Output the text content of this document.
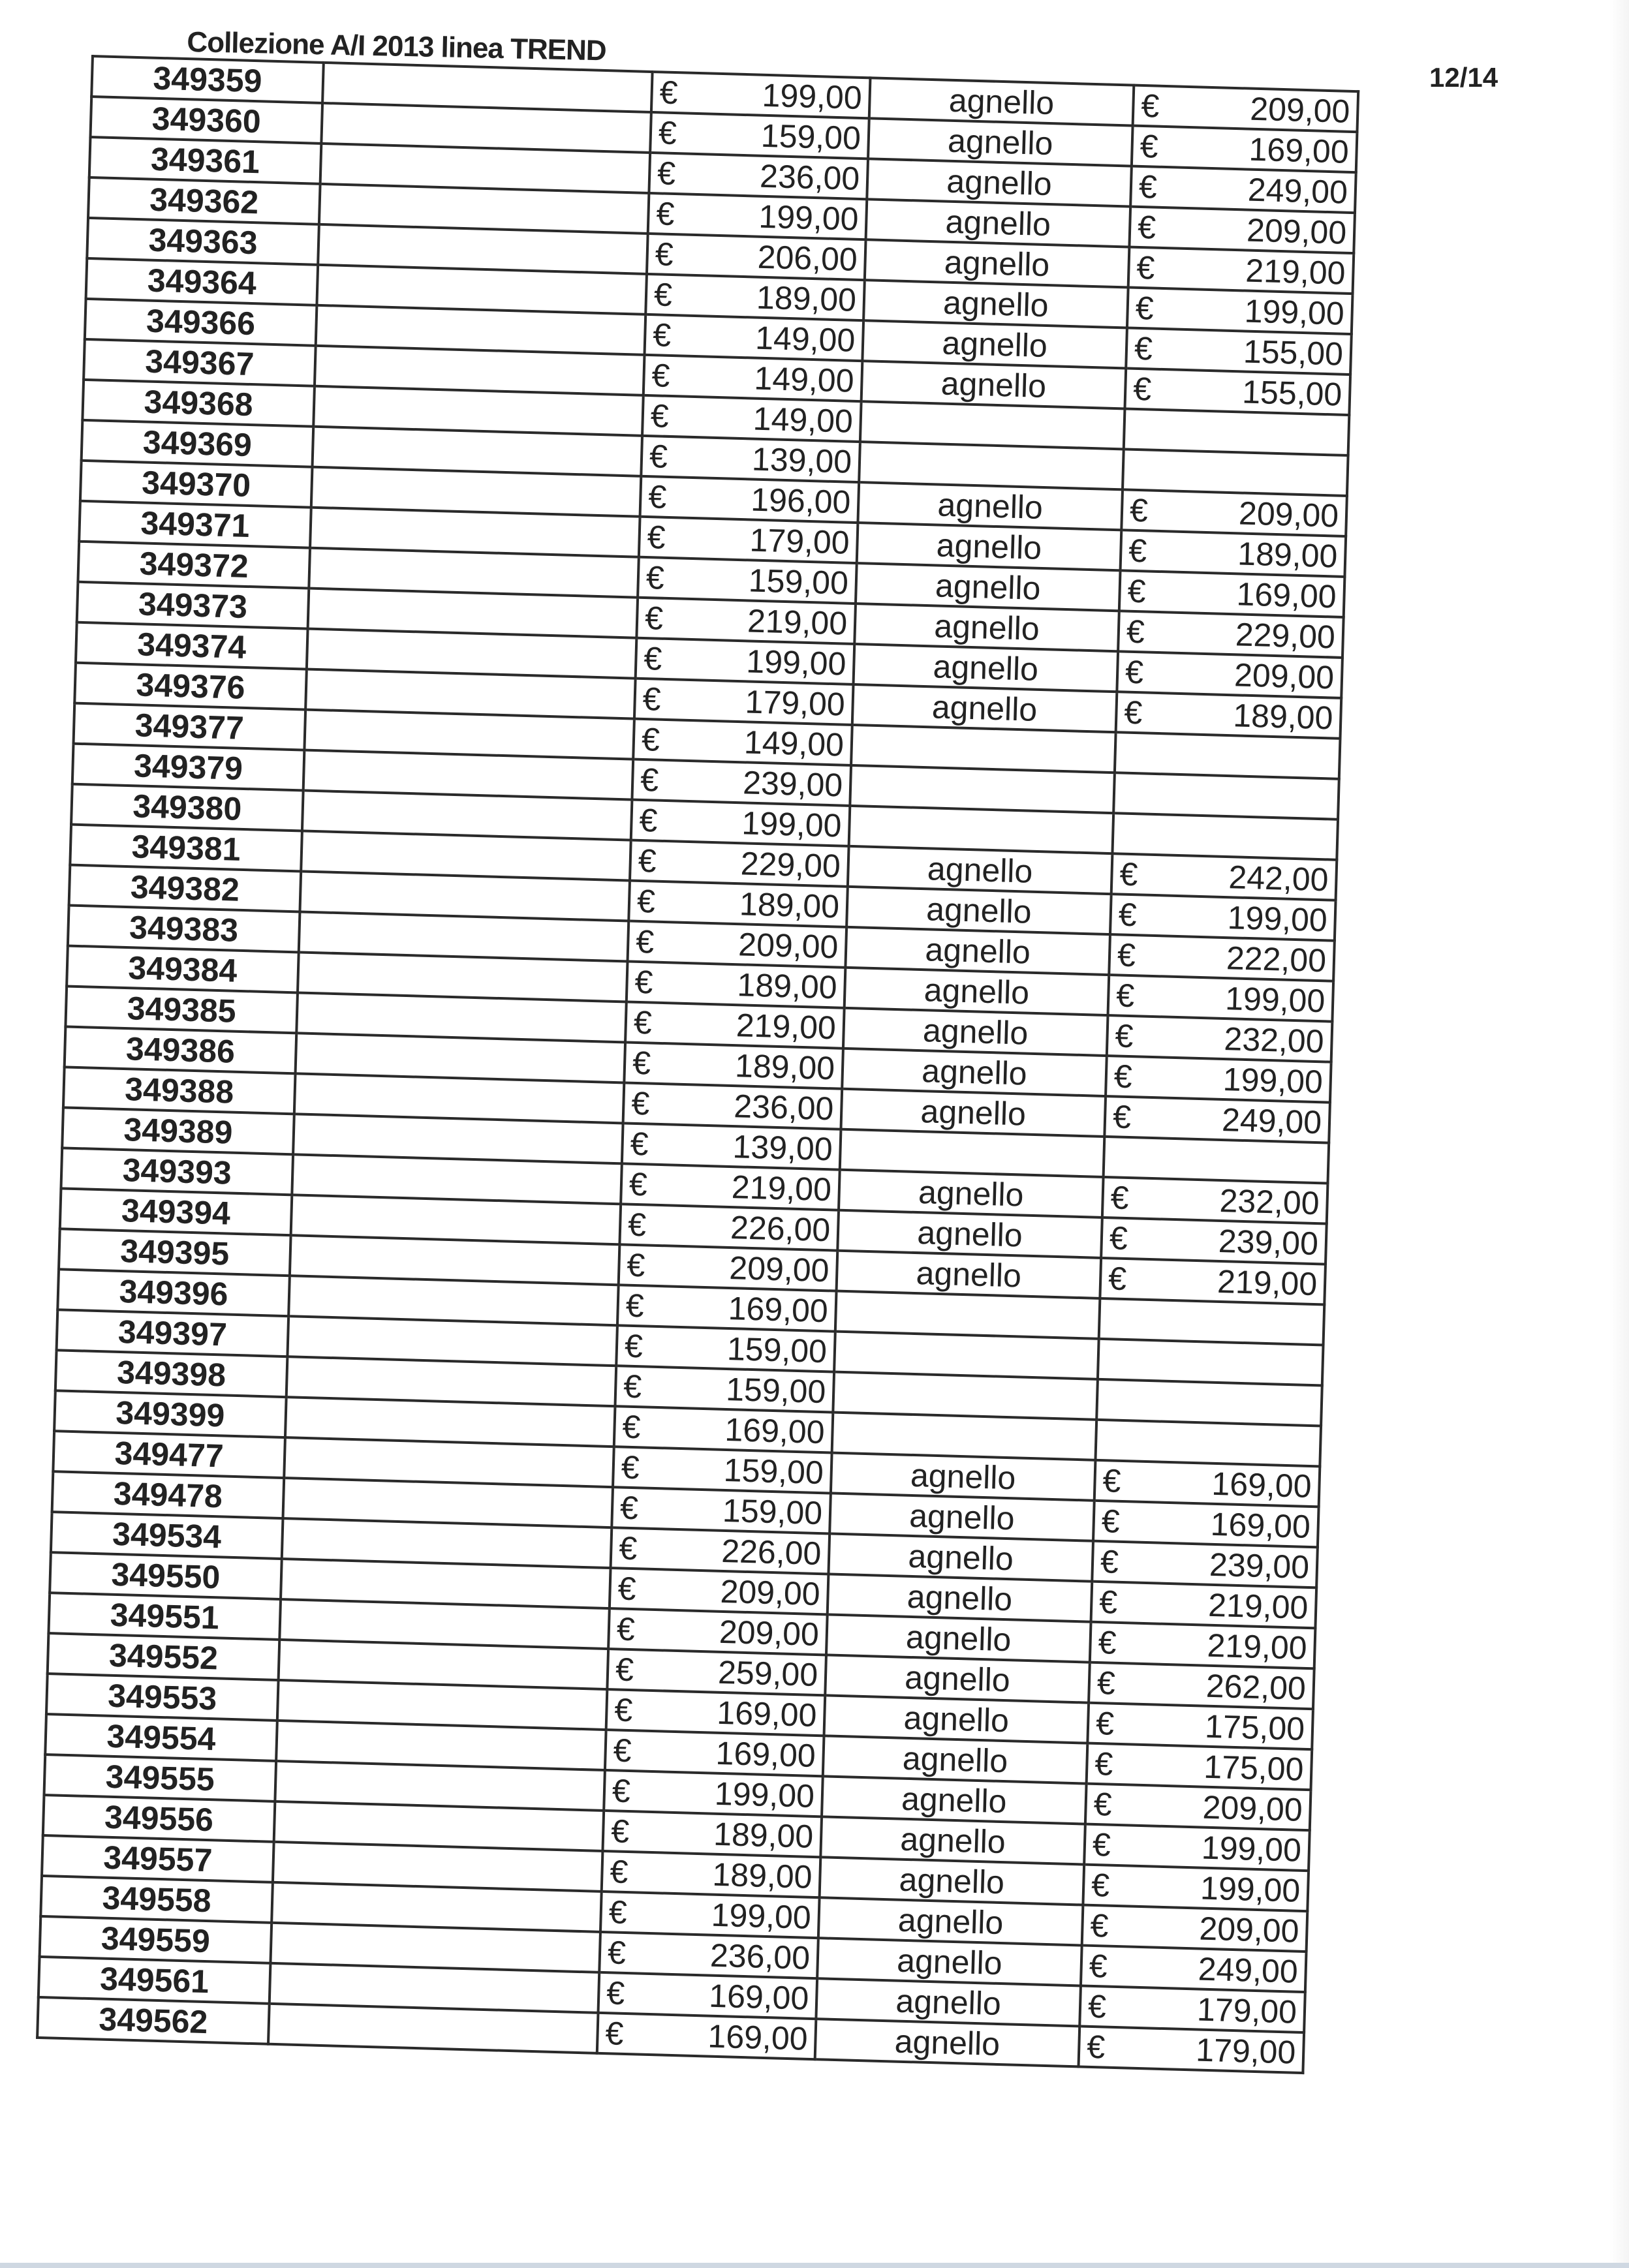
Collezione A/I 2013 linea TREND
12/14
349359		€ 199,00	agnello	€ 209,00

349360		€ 159,00	agnello	€ 169,00

349361		€ 236,00	agnello	€ 249,00

349362		€ 199,00	agnello	€ 209,00

349363		€ 206,00	agnello	€ 219,00

349364		€ 189,00	agnello	€ 199,00

349366		€ 149,00	agnello	€ 155,00

349367		€ 149,00	agnello	€ 155,00

349368		€ 149,00		

349369		€ 139,00		

349370		€ 196,00	agnello	€ 209,00

349371		€ 179,00	agnello	€ 189,00

349372		€ 159,00	agnello	€ 169,00

349373		€ 219,00	agnello	€ 229,00

349374		€ 199,00	agnello	€ 209,00

349376		€ 179,00	agnello	€ 189,00

349377		€ 149,00		

349379		€ 239,00		

349380		€ 199,00		

349381		€ 229,00	agnello	€ 242,00

349382		€ 189,00	agnello	€ 199,00

349383		€ 209,00	agnello	€ 222,00

349384		€ 189,00	agnello	€ 199,00

349385		€ 219,00	agnello	€ 232,00

349386		€ 189,00	agnello	€ 199,00

349388		€ 236,00	agnello	€ 249,00

349389		€ 139,00		

349393		€ 219,00	agnello	€ 232,00

349394		€ 226,00	agnello	€ 239,00

349395		€ 209,00	agnello	€ 219,00

349396		€ 169,00		

349397		€ 159,00		

349398		€ 159,00		

349399		€ 169,00		

349477		€ 159,00	agnello	€ 169,00

349478		€ 159,00	agnello	€ 169,00

349534		€ 226,00	agnello	€ 239,00

349550		€ 209,00	agnello	€ 219,00

349551		€ 209,00	agnello	€ 219,00

349552		€ 259,00	agnello	€ 262,00

349553		€ 169,00	agnello	€ 175,00

349554		€ 169,00	agnello	€ 175,00

349555		€ 199,00	agnello	€ 209,00

349556		€ 189,00	agnello	€ 199,00

349557		€ 189,00	agnello	€ 199,00

349558		€ 199,00	agnello	€ 209,00

349559		€ 236,00	agnello	€ 249,00

349561		€ 169,00	agnello	€ 179,00

349562		€ 169,00	agnello	€ 179,00
